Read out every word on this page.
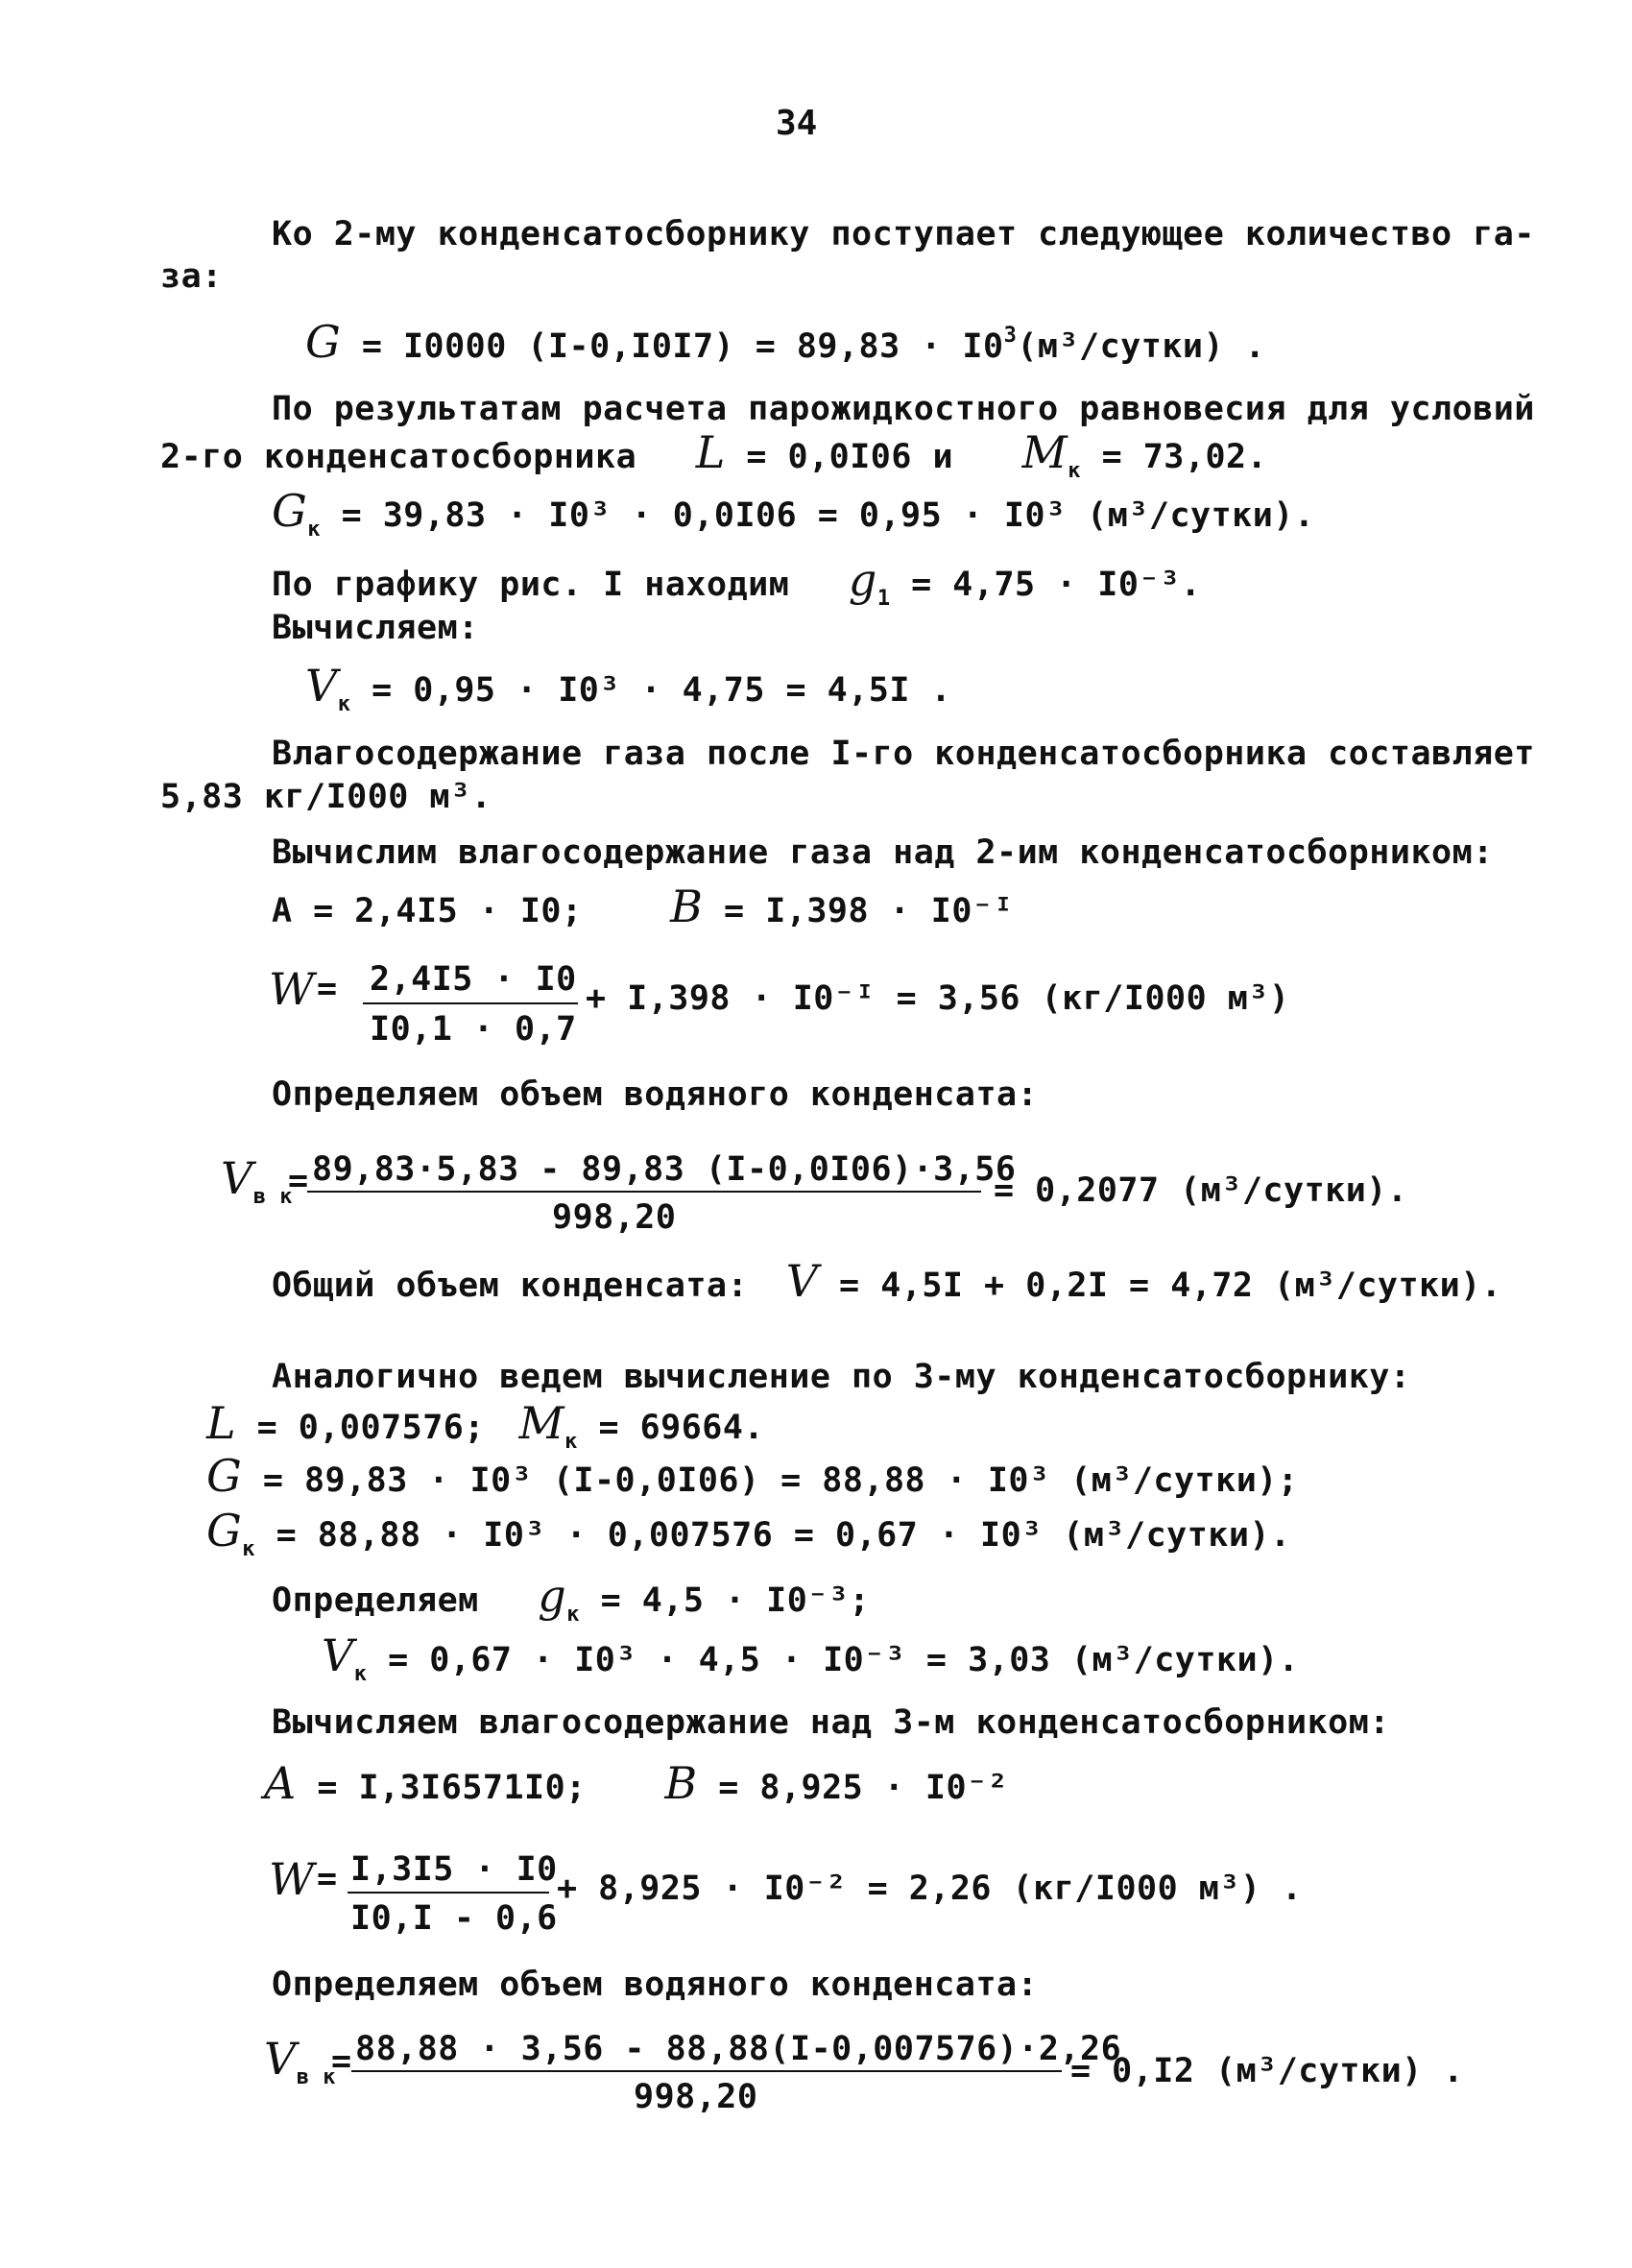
34
Ко 2-му конденсатосборнику поступает следующее количество га-
за:
G = I0000 $(I-0,I0I7) = 89,83 \cdot I0^3(м^3/сутки)$ .
По результатам расчета парожидкостного равновесия для условий
2-го конденсатосборника L = 0,0I06 и $M_к = 73,02$.
$G_к = 39,83 \cdot I0^3 \cdot 0,0I06 = 0,95 \cdot I0^3$ (м³/сутки).
По графику рис. I находим $g_1 = 4,75 \cdot I0^{-3}$.
Вычисляем:
$V_к = 0,95 \cdot I0^3 \cdot 4,75 = 4,5I$ .
Влагосодержание газа после I-го конденсатосборника составляет
5,83 кг/I000 м³.
Вычислим влагосодержание газа над 2-им конденсатосборником:
A = 2,4I5 · I0; B = I,398 · I0⁻ᴵ
W = 2,4I5 · I0
I0,1 · 0,7
+ I,398 · I0⁻ᴵ = 3,56 (кг/I000 м³)
Определяем объем водяного конденсата:
$V_{в к}$
= 89,83·5,83 - 89,83 (I-0,0I06)·3,56
998,20
= 0,2077 (м³/сутки).
Общий объем конденсата: V = 4,5I + 0,2I = 4,72 (м³/сутки).
Аналогично ведем вычисление по 3-му конденсатосборнику:
L = 0,007576; $M_к = 69664$.
G = 89,83 · I0³ (I-0,0I06) = 88,88 · I0³ (м³/сутки);
$G_к = 88,88 \cdot I0^3 \cdot 0,007576 = 0,67 \cdot I0^3$ (м³/сутки).
Определяем $g_к = 4,5 \cdot I0^{-3}$;
$V_к = 0,67 \cdot I0^3 \cdot 4,5 \cdot I0^{-3} = 3,03$ (м³/сутки).
Вычисляем влагосодержание над 3-м конденсатосборником:
A = I,3I6571I0; B = 8,925 · I0⁻²
W = I,3I5 · I0
I0,I - 0,6
+ 8,925 · I0⁻² = 2,26 (кг/I000 м³) .
Определяем объем водяного конденсата:
$V_{в к}$
= 88,88 · 3,56 - 88,88(I-0,007576)·2,26
998,20
= 0,I2 (м³/сутки) .
